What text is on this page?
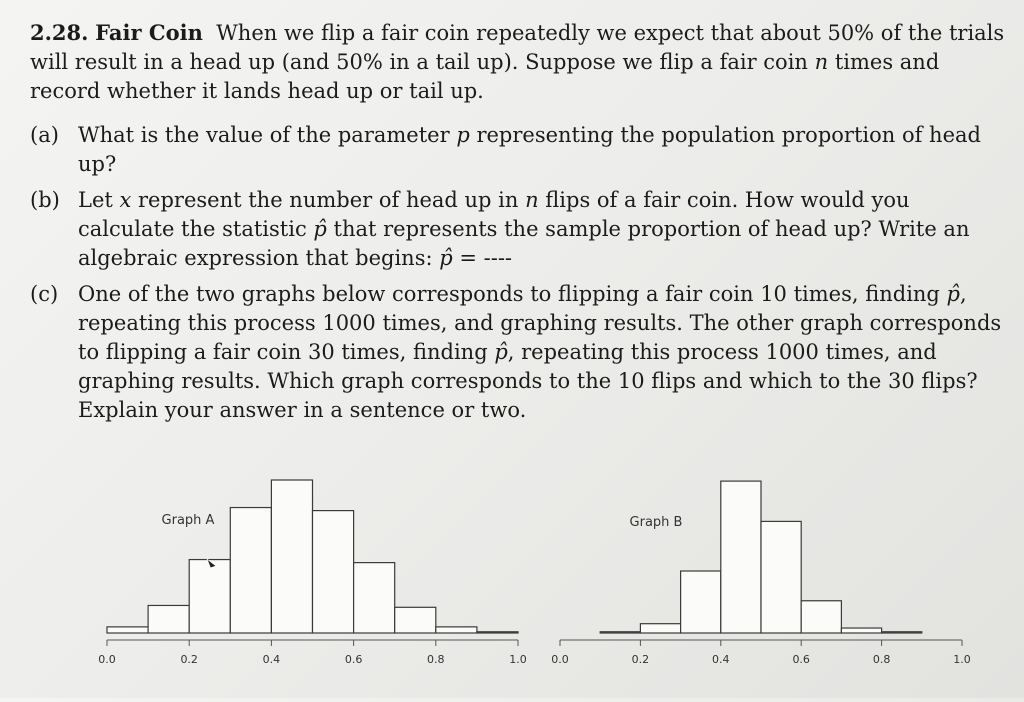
2.28. Fair Coin When we flip a fair coin repeatedly we expect that about 50% of the trials will result in a head up (and 50% in a tail up). Suppose we flip a fair coin n times and record whether it lands head up or tail up.

(a) What is the value of the parameter p representing the population proportion of head up?
(b) Let x represent the number of head up in n flips of a fair coin. How would you calculate the statistic p̂ that represents the sample proportion of head up? Write an algebraic expression that begins: p̂ = ----
(c) One of the two graphs below corresponds to flipping a fair coin 10 times, finding p̂, repeating this process 1000 times, and graphing results. The other graph corresponds to flipping a fair coin 30 times, finding p̂, repeating this process 1000 times, and graphing results. Which graph corresponds to the 10 flips and which to the 30 flips? Explain your answer in a sentence or two.
0.0	0.2	0.4	0.6	0.8	1.0
Graph A
0.0	0.2	0.4	0.6	0.8	1.0
Graph B
